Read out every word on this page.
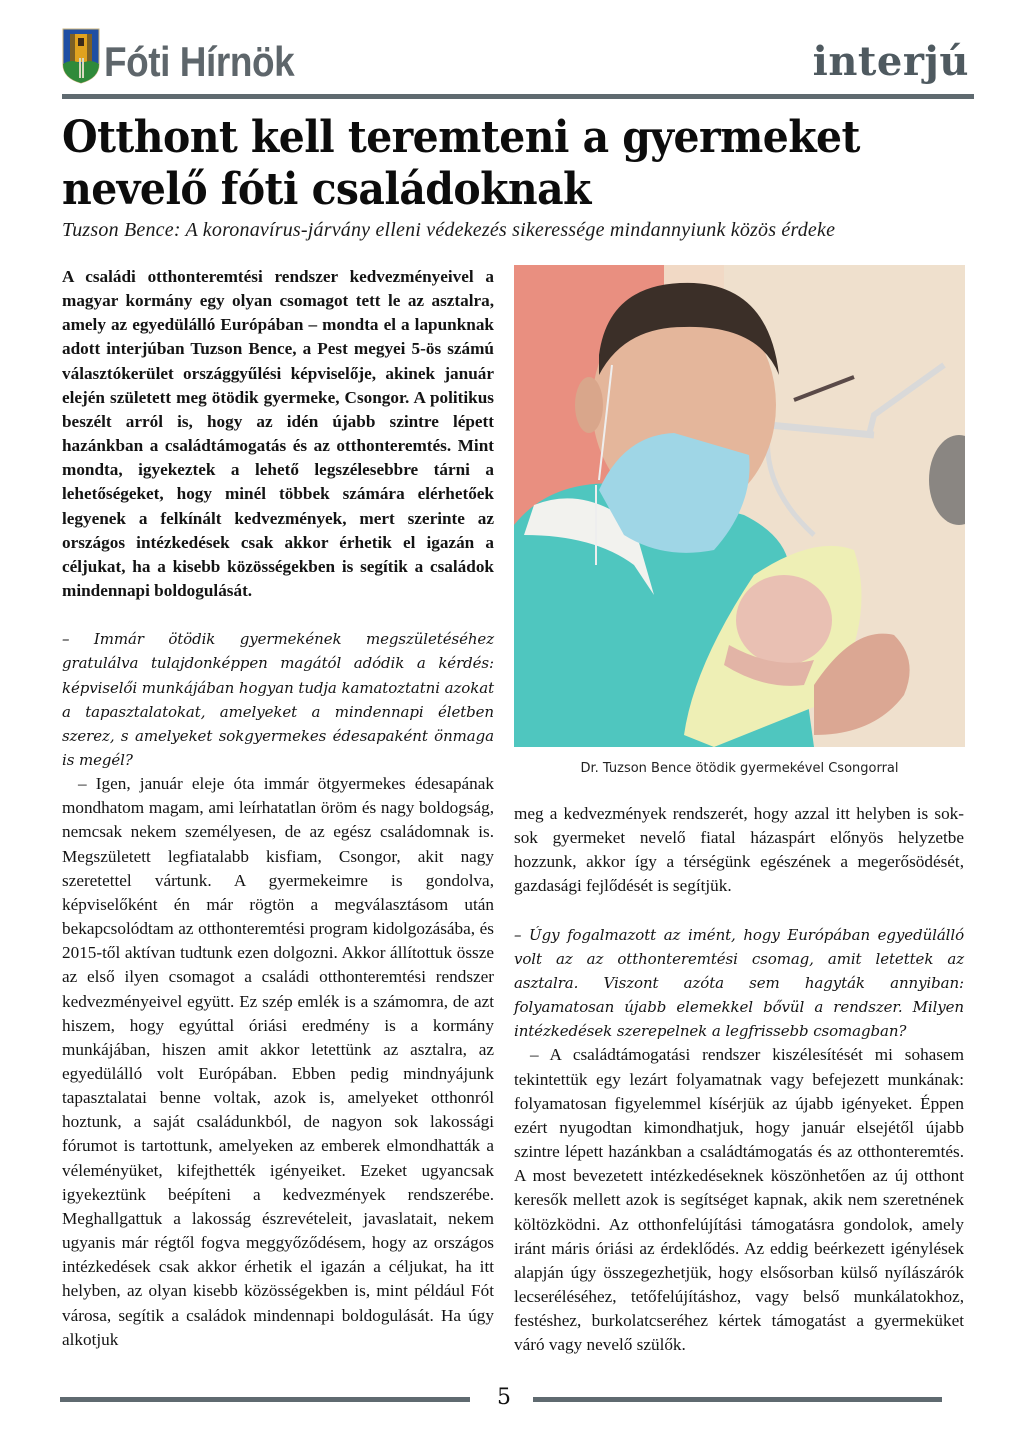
Fóti Hírnök	interjú
Otthont kell teremteni a gyermeket nevelő fóti családoknak
Tuzson Bence: A koronavírus-járvány elleni védekezés sikeressége mindannyiunk közös érdeke

A családi otthonteremtési rendszer kedvezményeivel a magyar kormány egy olyan csomagot tett le az asztalra, amely az egyedülálló Európában – mondta el a lapunknak adott interjúban Tuzson Bence, a Pest megyei 5-ös számú választókerület országgyűlési képviselője, akinek január elején született meg ötödik gyermeke, Csongor. A politikus beszélt arról is, hogy az idén újabb szintre lépett hazánkban a családtámogatás és az otthonteremtés. Mint mondta, igyekeztek a lehető legszélesebbre tárni a lehetőségeket, hogy minél többek számára elérhetőek legyenek a felkínált kedvezmények, mert szerinte az országos intézkedések csak akkor érhetik el igazán a céljukat, ha a kisebb közösségekben is segítik a családok mindennapi boldogulását.

– Immár ötödik gyermekének megszületéséhez gratulálva tulajdonképpen magától adódik a kérdés: képviselői munkájában hogyan tudja kamatoztatni azokat a tapasztalatokat, amelyeket a mindennapi életben szerez, s amelyeket sokgyermekes édesapaként önmaga is megél?

– Igen, január eleje óta immár ötgyermekes édesapának mondhatom magam, ami leírhatatlan öröm és nagy boldogság, nemcsak nekem személyesen, de az egész családomnak is. Megszületett legfiatalabb kisfiam, Csongor, akit nagy szeretettel vártunk. A gyermekeimre is gondolva, képviselőként én már rögtön a megválasztásom után bekapcsolódtam az otthonteremtési program kidolgozásába, és 2015-től aktívan tudtunk ezen dolgozni. Akkor állítottuk össze az első ilyen csomagot a családi otthonteremtési rendszer kedvezményeivel együtt. Ez szép emlék is a számomra, de azt hiszem, hogy egyúttal óriási eredmény is a kormány munkájában, hiszen amit akkor letettünk az asztalra, az egyedülálló volt Európában. Ebben pedig mindnyájunk tapasztalatai benne voltak, azok is, amelyeket otthonról hoztunk, a saját családunkból, de nagyon sok lakossági fórumot is tartottunk, amelyeken az emberek elmondhatták a véleményüket, kifejthették igényeiket. Ezeket ugyancsak igyekeztünk beépíteni a kedvezmények rendszerébe. Meghallgattuk a lakosság észrevételeit, javaslatait, nekem ugyanis már régtől fogva meggyőződésem, hogy az országos intézkedések csak akkor érhetik el igazán a céljukat, ha itt helyben, az olyan kisebb közösségekben is, mint például Fót városa, segítik a családok mindennapi boldogulását. Ha úgy alkotjuk

Dr. Tuzson Bence ötödik gyermekével Csongorral

meg a kedvezmények rendszerét, hogy azzal itt helyben is sok-sok gyermeket nevelő fiatal házaspárt előnyös helyzetbe hozzunk, akkor így a térségünk egészének a megerősödését, gazdasági fejlődését is segítjük.

– Úgy fogalmazott az imént, hogy Európában egyedülálló volt az az otthonteremtési csomag, amit letettek az asztalra. Viszont azóta sem hagyták annyiban: folyamatosan újabb elemekkel bővül a rendszer. Milyen intézkedések szerepelnek a legfrissebb csomagban?

– A családtámogatási rendszer kiszélesítését mi sohasem tekintettük egy lezárt folyamatnak vagy befejezett munkának: folyamatosan figyelemmel kísérjük az újabb igényeket. Éppen ezért nyugodtan kimondhatjuk, hogy január elsejétől újabb szintre lépett hazánkban a családtámogatás és az otthonteremtés. A most bevezetett intézkedéseknek köszönhetően az új otthont keresők mellett azok is segítséget kapnak, akik nem szeretnének költözködni. Az otthonfelújítási támogatásra gondolok, amely iránt máris óriási az érdeklődés. Az eddig beérkezett igénylések alapján úgy összegezhetjük, hogy elsősorban külső nyílászárók lecseréléséhez, tetőfelújításhoz, vagy belső munkálatokhoz, festéshez, burkolatcseréhez kértek támogatást a gyermeküket váró vagy nevelő szülők.

5
